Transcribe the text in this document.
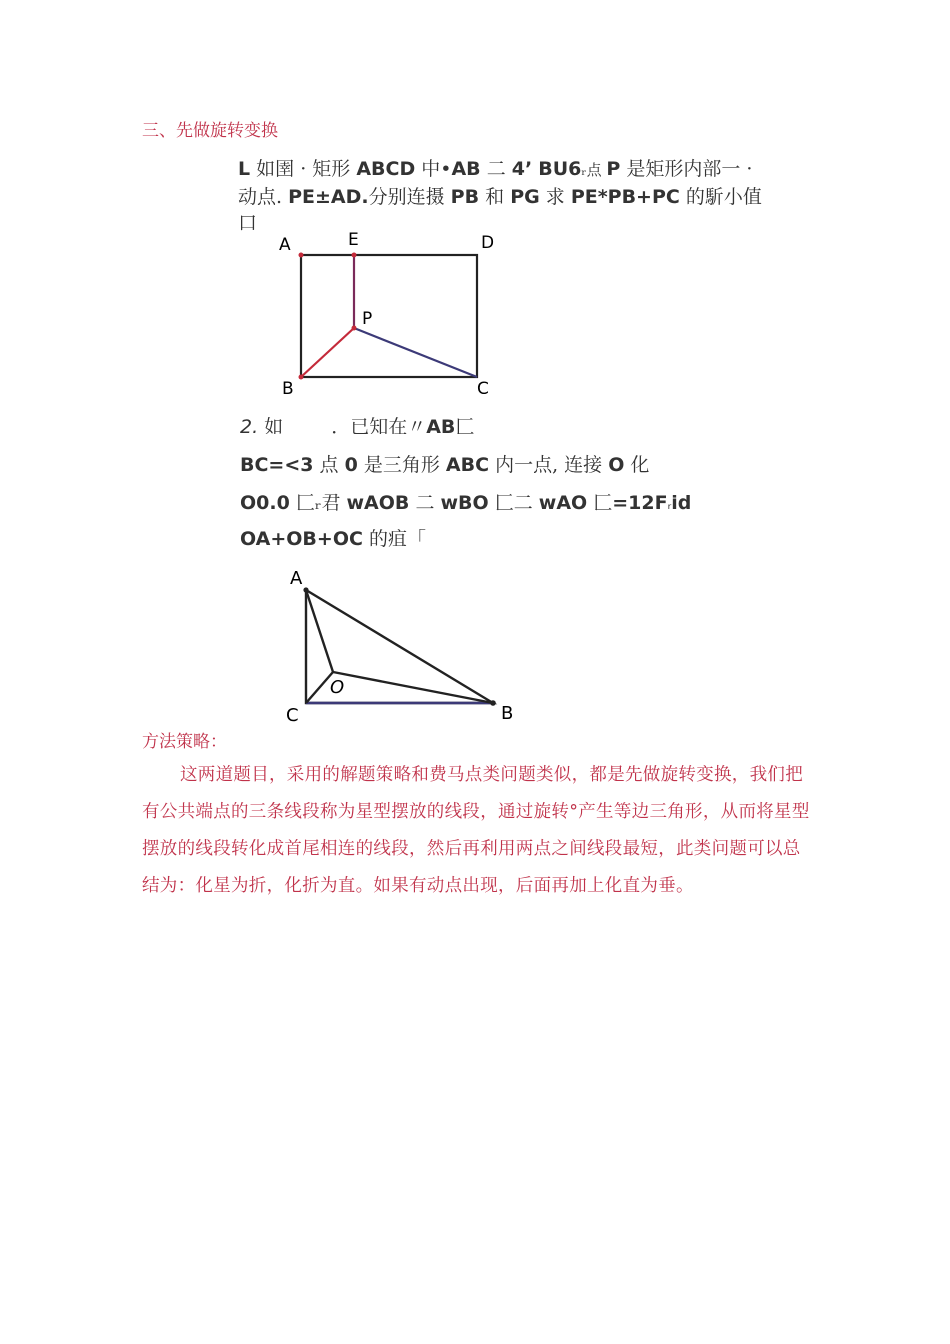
三、先做旋转变换
L 如圉 · 矩形 ABCD 中•AB 二 4’ BU6ᵣ点 P 是矩形内部一 ·
动点. PE±AD.分别连摄 PB 和 PG 求 PE*PB+PC 的馸小值
口
A	E	D
P
B	C
2. 如	．已知在〃AB匚
BC=<3 点 0 是三角形 ABC 内一点, 连接 O 化
O0.0 匚ᵣ君 wAOB 二 wBO 匚二 wAO 匚=12Fᵣid
OA+OB+OC 的疽「
A
O
C	B
方法策略：
这两道题目，采用的解题策略和费马点类问题类似，都是先做旋转变换，我们把有公共端点的三条线段称为星型摆放的线段，通过旋转°产生等边三角形，从而将星型摆放的线段转化成首尾相连的线段，然后再利用两点之间线段最短，此类问题可以总结为：化星为折，化折为直。如果有动点出现，后面再加上化直为垂。
